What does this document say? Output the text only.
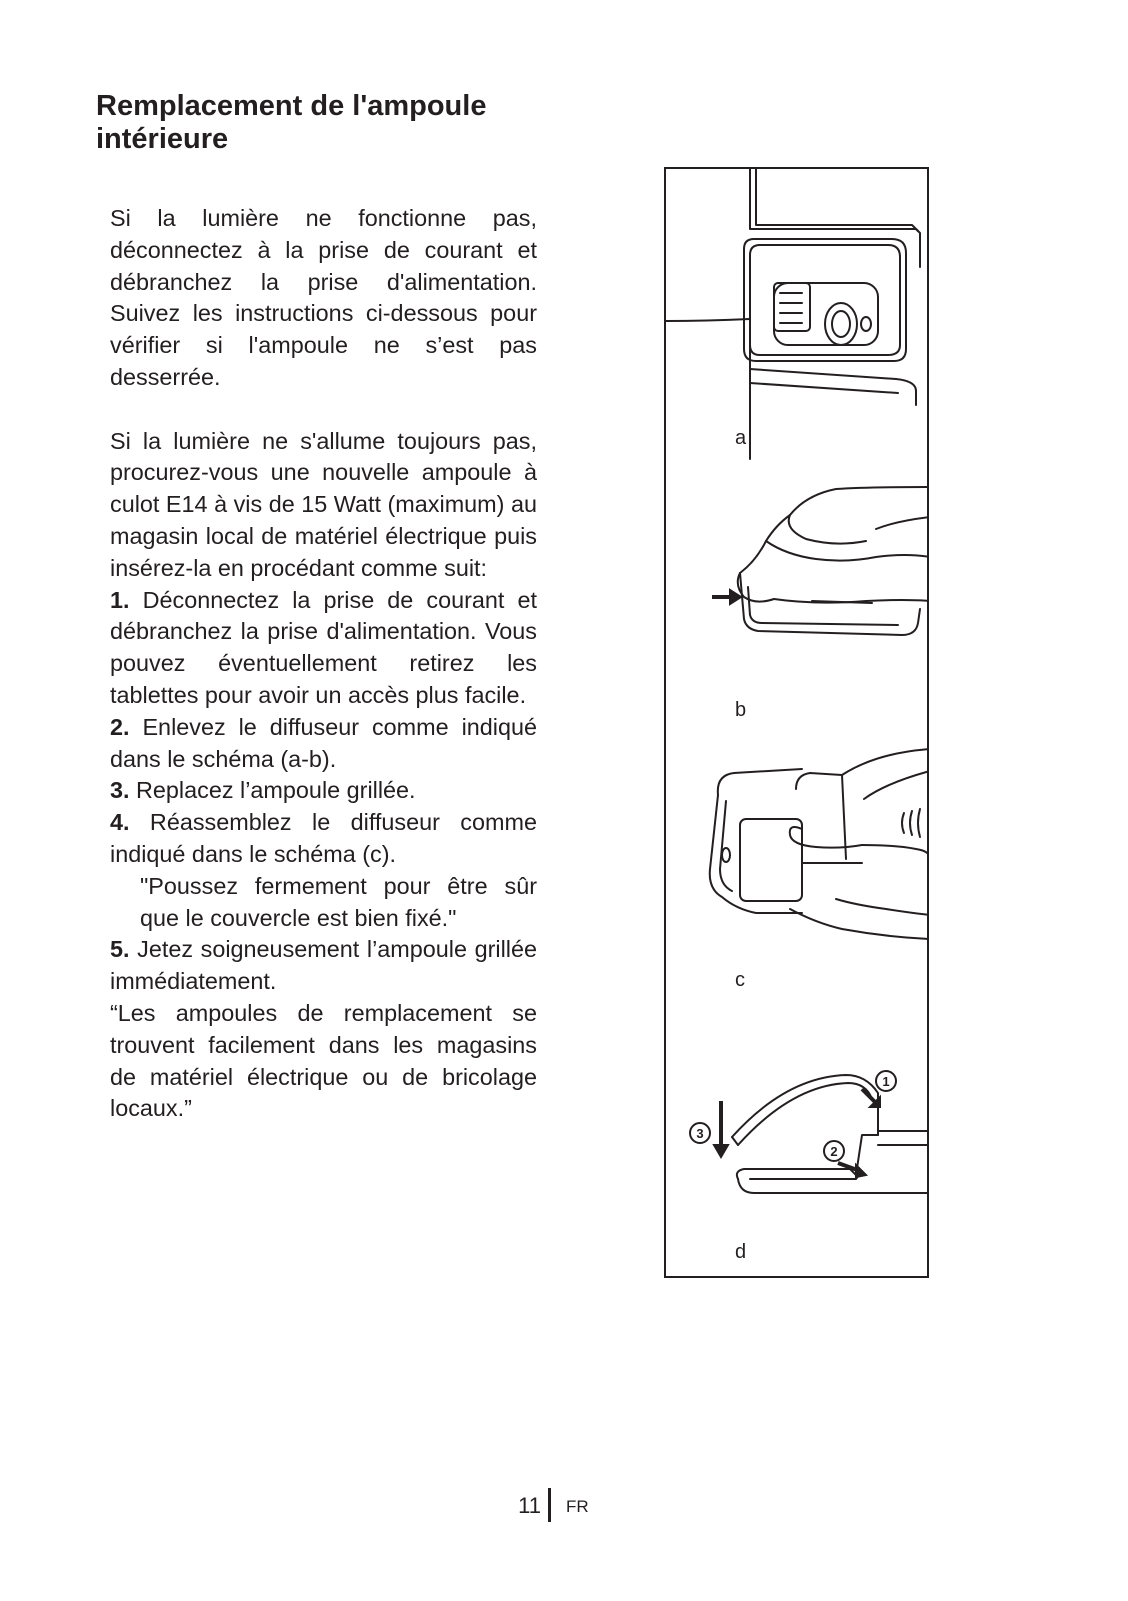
Remplacement de l'ampoule
intérieure

Si la lumière ne fonctionne pas, déconnectez à la prise de courant et débranchez la prise d'alimentation. Suivez les instructions ci-dessous pour vérifier si l'ampoule ne s’est pas desserrée.

Si la lumière ne s'allume toujours pas, procurez-vous une nouvelle ampoule à culot E14 à vis de 15 Watt (maximum) au magasin local de matériel électrique puis insérez-la en procédant comme suit:

1. Déconnectez la prise de courant et débranchez la prise d'alimentation. Vous pouvez éventuellement retirez les tablettes pour avoir un accès plus facile.

2. Enlevez le diffuseur comme indiqué dans le schéma (a-b).

3. Replacez l’ampoule grillée.

4. Réassemblez le diffuseur comme indiqué dans le schéma (c).

"Poussez fermement pour être sûr que le couvercle est bien fixé."

5. Jetez soigneusement l’ampoule grillée immédiatement.

“Les ampoules de remplacement se trouvent facilement dans les magasins de matériel électrique ou de bricolage locaux.”

1
2
3
a
b
c
d
11 FR
